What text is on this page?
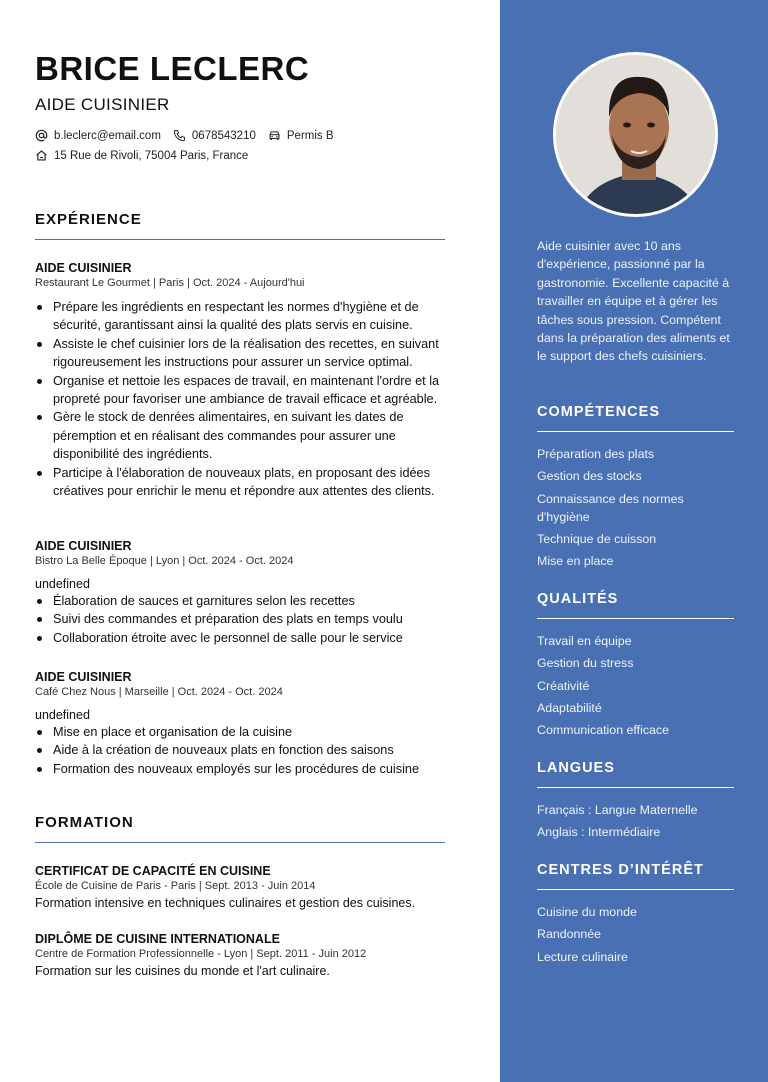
BRICE LECLERC
AIDE CUISINIER
b.leclerc@email.com	0678543210	Permis B
15 Rue de Rivoli, 75004 Paris, France
EXPÉRIENCE
AIDE CUISINIER
Restaurant Le Gourmet | Paris | Oct. 2024 - Aujourd'hui
Prépare les ingrédients en respectant les normes d'hygiène et de sécurité, garantissant ainsi la qualité des plats servis en cuisine.
Assiste le chef cuisinier lors de la réalisation des recettes, en suivant rigoureusement les instructions pour assurer un service optimal.
Organise et nettoie les espaces de travail, en maintenant l'ordre et la propreté pour favoriser une ambiance de travail efficace et agréable.
Gère le stock de denrées alimentaires, en suivant les dates de péremption et en réalisant des commandes pour assurer une disponibilité des ingrédients.
Participe à l'élaboration de nouveaux plats, en proposant des idées créatives pour enrichir le menu et répondre aux attentes des clients.
AIDE CUISINIER
Bistro La Belle Époque | Lyon | Oct. 2024 - Oct. 2024
undefined
Élaboration de sauces et garnitures selon les recettes
Suivi des commandes et préparation des plats en temps voulu
Collaboration étroite avec le personnel de salle pour le service
AIDE CUISINIER
Café Chez Nous | Marseille | Oct. 2024 - Oct. 2024
undefined
Mise en place et organisation de la cuisine
Aide à la création de nouveaux plats en fonction des saisons
Formation des nouveaux employés sur les procédures de cuisine
FORMATION
CERTIFICAT DE CAPACITÉ EN CUISINE
École de Cuisine de Paris - Paris | Sept. 2013 - Juin 2014
Formation intensive en techniques culinaires et gestion des cuisines.
DIPLÔME DE CUISINE INTERNATIONALE
Centre de Formation Professionnelle - Lyon | Sept. 2011 - Juin 2012
Formation sur les cuisines du monde et l'art culinaire.
Aide cuisinier avec 10 ans d'expérience, passionné par la gastronomie. Excellente capacité à travailler en équipe et à gérer les tâches sous pression. Compétent dans la préparation des aliments et le support des chefs cuisiniers.
COMPÉTENCES
Préparation des plats
Gestion des stocks
Connaissance des normes d'hygiène
Technique de cuisson
Mise en place
QUALITÉS
Travail en équipe
Gestion du stress
Créativité
Adaptabilité
Communication efficace
LANGUES
Français : Langue Maternelle
Anglais : Intermédiaire
CENTRES D’INTÉRÊT
Cuisine du monde
Randonnée
Lecture culinaire
